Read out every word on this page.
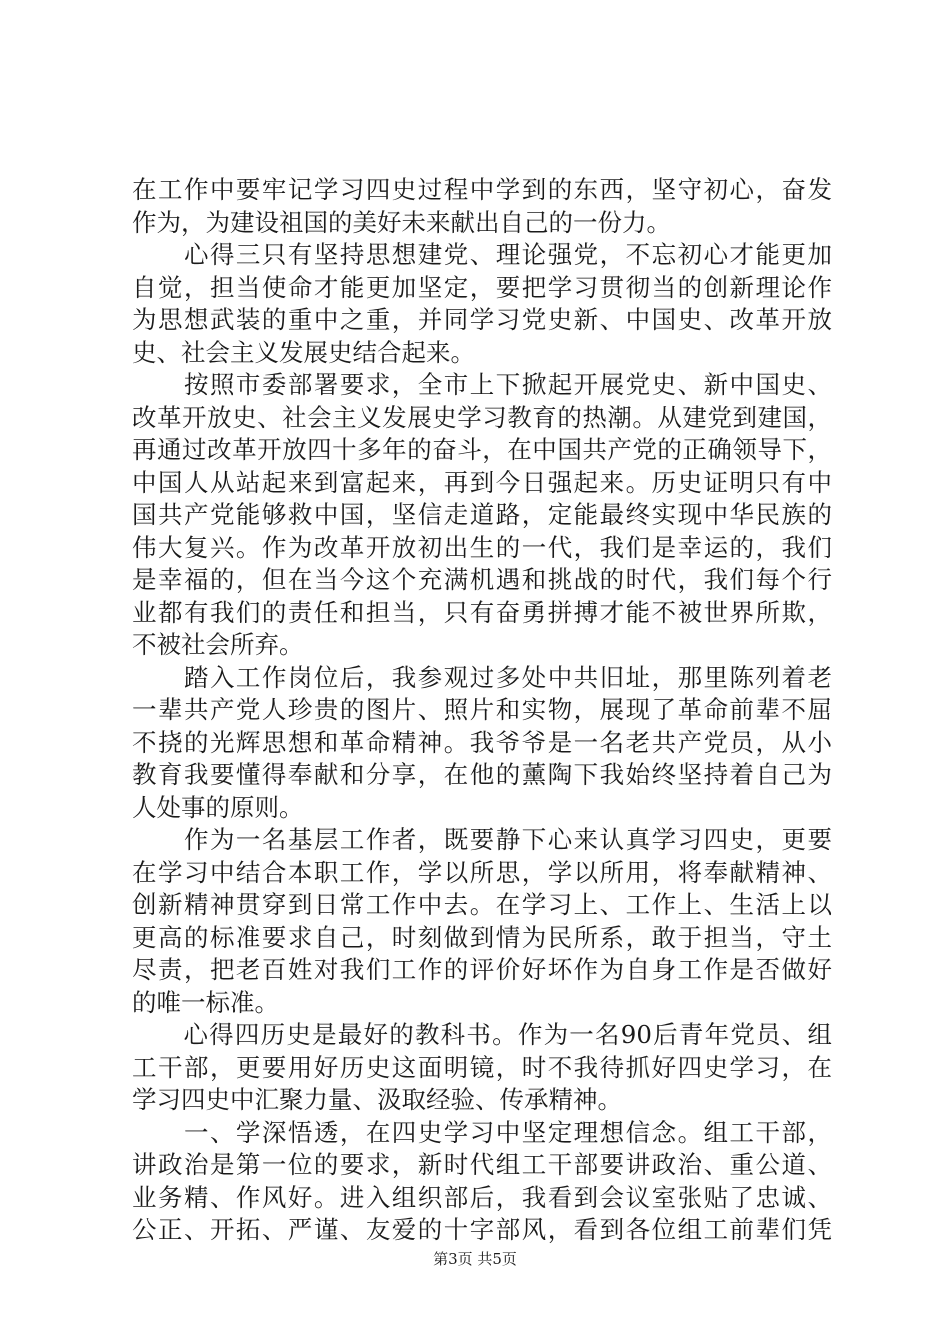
在工作中要牢记学习四史过程中学到的东西，坚守初心，奋发
作为，为建设祖国的美好未来献出自己的一份力。
　　心得三只有坚持思想建党、理论强党，不忘初心才能更加
自觉，担当使命才能更加坚定，要把学习贯彻当的创新理论作
为思想武装的重中之重，并同学习党史新、中国史、改革开放
史、社会主义发展史结合起来。
　　按照市委部署要求，全市上下掀起开展党史、新中国史、
改革开放史、社会主义发展史学习教育的热潮。从建党到建国，
再通过改革开放四十多年的奋斗，在中国共产党的正确领导下，
中国人从站起来到富起来，再到今日强起来。历史证明只有中
国共产党能够救中国，坚信走道路，定能最终实现中华民族的
伟大复兴。作为改革开放初出生的一代，我们是幸运的，我们
是幸福的，但在当今这个充满机遇和挑战的时代，我们每个行
业都有我们的责任和担当，只有奋勇拼搏才能不被世界所欺，
不被社会所弃。
　　踏入工作岗位后，我参观过多处中共旧址，那里陈列着老
一辈共产党人珍贵的图片、照片和实物，展现了革命前辈不屈
不挠的光辉思想和革命精神。我爷爷是一名老共产党员，从小
教育我要懂得奉献和分享，在他的薰陶下我始终坚持着自己为
人处事的原则。
　　作为一名基层工作者，既要静下心来认真学习四史，更要
在学习中结合本职工作，学以所思，学以所用，将奉献精神、
创新精神贯穿到日常工作中去。在学习上、工作上、生活上以
更高的标准要求自己，时刻做到情为民所系，敢于担当，守土
尽责，把老百姓对我们工作的评价好坏作为自身工作是否做好
的唯一标准。
　　心得四历史是最好的教科书。作为一名90后青年党员、组
工干部，更要用好历史这面明镜，时不我待抓好四史学习，在
学习四史中汇聚力量、汲取经验、传承精神。
　　一、学深悟透，在四史学习中坚定理想信念。组工干部，
讲政治是第一位的要求，新时代组工干部要讲政治、重公道、
业务精、作风好。进入组织部后，我看到会议室张贴了忠诚、
公正、开拓、严谨、友爱的十字部风，看到各位组工前辈们凭
第3页 共5页
